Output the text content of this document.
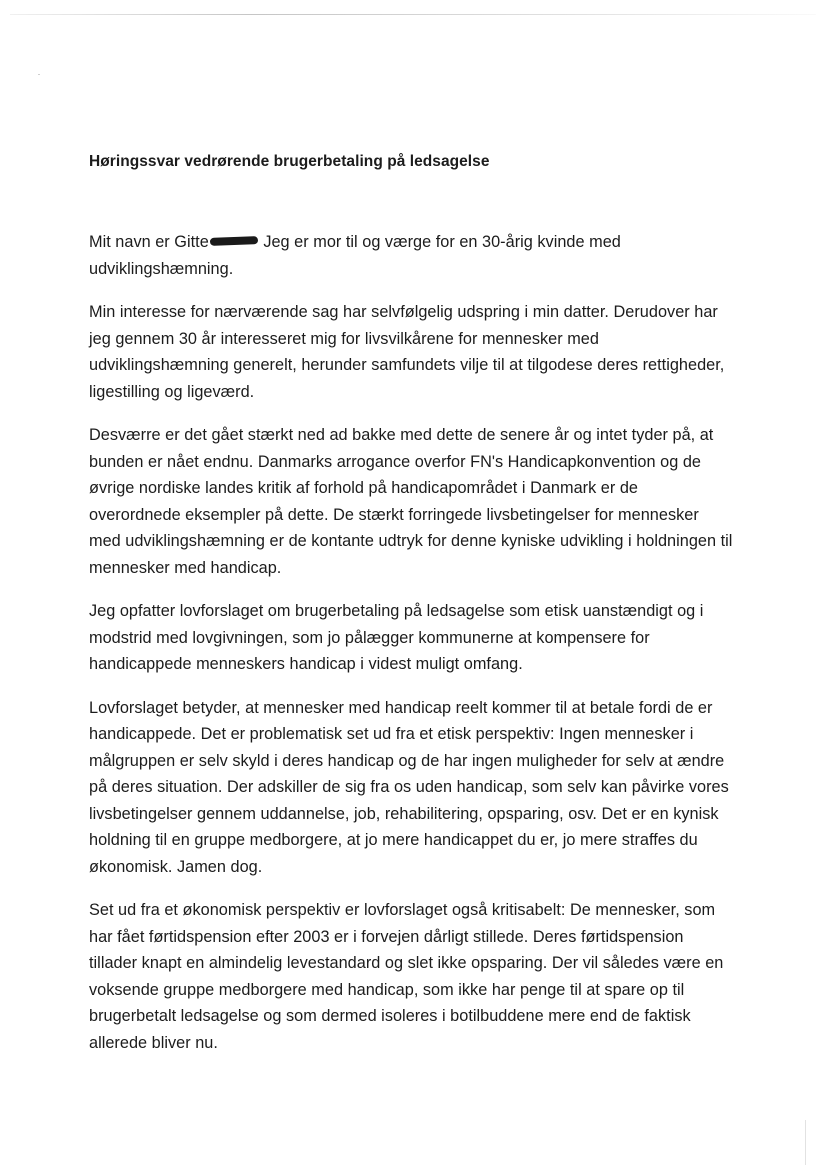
Høringssvar vedrørende brugerbetaling på ledsagelse

Mit navn er Gitte	Jeg er mor til og værge for en 30-årig kvinde med udviklingshæmning.

Min interesse for nærværende sag har selvfølgelig udspring i min datter. Derudover har jeg gennem 30 år interesseret mig for livsvilkårene for mennesker med udviklingshæmning generelt, herunder samfundets vilje til at tilgodese deres rettigheder, ligestilling og ligeværd.

Desværre er det gået stærkt ned ad bakke med dette de senere år og intet tyder på, at bunden er nået endnu. Danmarks arrogance overfor FN's Handicapkonvention og de øvrige nordiske landes kritik af forhold på handicapområdet i Danmark er de overordnede eksempler på dette. De stærkt forringede livsbetingelser for mennesker med udviklingshæmning er de kontante udtryk for denne kyniske udvikling i holdningen til mennesker med handicap.

Jeg opfatter lovforslaget om brugerbetaling på ledsagelse som etisk uanstændigt og i modstrid med lovgivningen, som jo pålægger kommunerne at kompensere for handicappede menneskers handicap i videst muligt omfang.

Lovforslaget betyder, at mennesker med handicap reelt kommer til at betale fordi de er handicappede. Det er problematisk set ud fra et etisk perspektiv: Ingen mennesker i målgruppen er selv skyld i deres handicap og de har ingen muligheder for selv at ændre på deres situation. Der adskiller de sig fra os uden handicap, som selv kan påvirke vores livsbetingelser gennem uddannelse, job, rehabilitering, opsparing, osv. Det er en kynisk holdning til en gruppe medborgere, at jo mere handicappet du er, jo mere straffes du økonomisk. Jamen dog.

Set ud fra et økonomisk perspektiv er lovforslaget også kritisabelt: De mennesker, som har fået førtidspension efter 2003 er i forvejen dårligt stillede. Deres førtidspension tillader knapt en almindelig levestandard og slet ikke opsparing. Der vil således være en voksende gruppe medborgere med handicap, som ikke har penge til at spare op til brugerbetalt ledsagelse og som dermed isoleres i botilbuddene mere end de faktisk allerede bliver nu.
